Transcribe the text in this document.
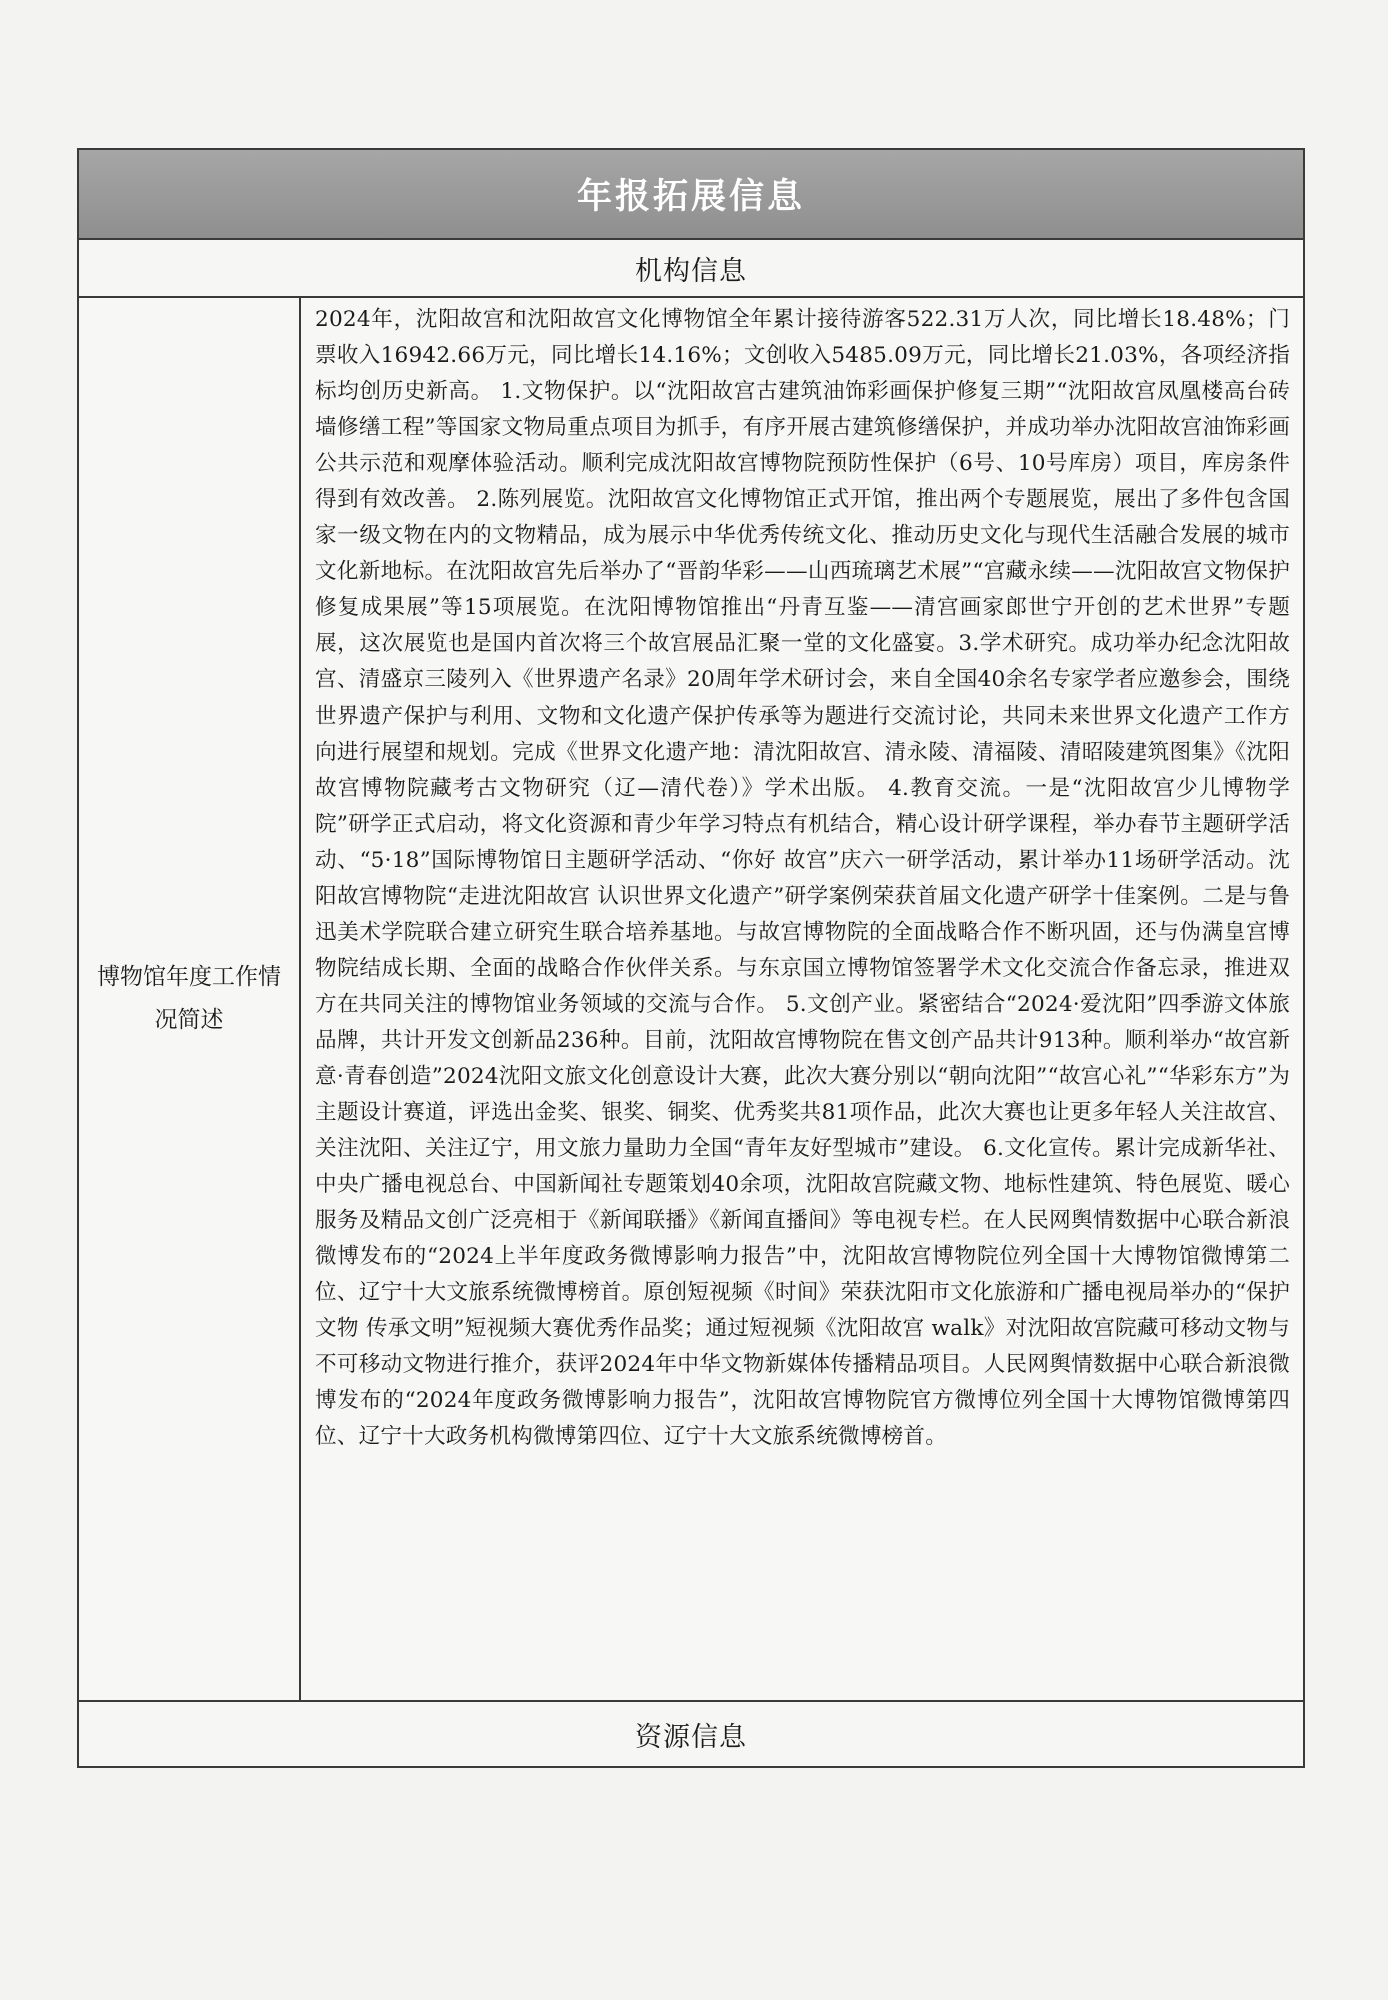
年报拓展信息
机构信息
博物馆年度工作情况简述
2024年，沈阳故宫和沈阳故宫文化博物馆全年累计接待游客522.31万人次，同比增长18.48%；门票收入16942.66万元，同比增长14.16%；文创收入5485.09万元，同比增长21.03%，各项经济指标均创历史新高。 1.文物保护。以“沈阳故宫古建筑油饰彩画保护修复三期”“沈阳故宫凤凰楼高台砖墙修缮工程”等国家文物局重点项目为抓手，有序开展古建筑修缮保护，并成功举办沈阳故宫油饰彩画公共示范和观摩体验活动。顺利完成沈阳故宫博物院预防性保护（6号、10号库房）项目，库房条件得到有效改善。 2.陈列展览。沈阳故宫文化博物馆正式开馆，推出两个专题展览，展出了多件包含国家一级文物在内的文物精品，成为展示中华优秀传统文化、推动历史文化与现代生活融合发展的城市文化新地标。在沈阳故宫先后举办了“晋韵华彩——山西琉璃艺术展”“宫藏永续——沈阳故宫文物保护修复成果展”等15项展览。在沈阳博物馆推出“丹青互鉴——清宫画家郎世宁开创的艺术世界”专题展，这次展览也是国内首次将三个故宫展品汇聚一堂的文化盛宴。3.学术研究。成功举办纪念沈阳故宫、清盛京三陵列入《世界遗产名录》20周年学术研讨会，来自全国40余名专家学者应邀参会，围绕世界遗产保护与利用、文物和文化遗产保护传承等为题进行交流讨论，共同未来世界文化遗产工作方向进行展望和规划。完成《世界文化遗产地：清沈阳故宫、清永陵、清福陵、清昭陵建筑图集》《沈阳故宫博物院藏考古文物研究（辽—清代卷）》学术出版。 4.教育交流。一是“沈阳故宫少儿博物学院”研学正式启动，将文化资源和青少年学习特点有机结合，精心设计研学课程，举办春节主题研学活动、“5·18”国际博物馆日主题研学活动、“你好 故宫”庆六一研学活动，累计举办11场研学活动。沈阳故宫博物院“走进沈阳故宫 认识世界文化遗产”研学案例荣获首届文化遗产研学十佳案例。二是与鲁迅美术学院联合建立研究生联合培养基地。与故宫博物院的全面战略合作不断巩固，还与伪满皇宫博物院结成长期、全面的战略合作伙伴关系。与东京国立博物馆签署学术文化交流合作备忘录，推进双方在共同关注的博物馆业务领域的交流与合作。 5.文创产业。紧密结合“2024·爱沈阳”四季游文体旅品牌，共计开发文创新品236种。目前，沈阳故宫博物院在售文创产品共计913种。顺利举办“故宫新意·青春创造”2024沈阳文旅文化创意设计大赛，此次大赛分别以“朝向沈阳”“故宫心礼”“华彩东方”为主题设计赛道，评选出金奖、银奖、铜奖、优秀奖共81项作品，此次大赛也让更多年轻人关注故宫、关注沈阳、关注辽宁，用文旅力量助力全国“青年友好型城市”建设。 6.文化宣传。累计完成新华社、中央广播电视总台、中国新闻社专题策划40余项，沈阳故宫院藏文物、地标性建筑、特色展览、暖心服务及精品文创广泛亮相于《新闻联播》《新闻直播间》等电视专栏。在人民网舆情数据中心联合新浪微博发布的“2024上半年度政务微博影响力报告”中，沈阳故宫博物院位列全国十大博物馆微博第二位、辽宁十大文旅系统微博榜首。原创短视频《时间》荣获沈阳市文化旅游和广播电视局举办的“保护文物 传承文明”短视频大赛优秀作品奖；通过短视频《沈阳故宫 walk》对沈阳故宫院藏可移动文物与不可移动文物进行推介，获评2024年中华文物新媒体传播精品项目。人民网舆情数据中心联合新浪微博发布的“2024年度政务微博影响力报告”，沈阳故宫博物院官方微博位列全国十大博物馆微博第四位、辽宁十大政务机构微博第四位、辽宁十大文旅系统微博榜首。
资源信息
